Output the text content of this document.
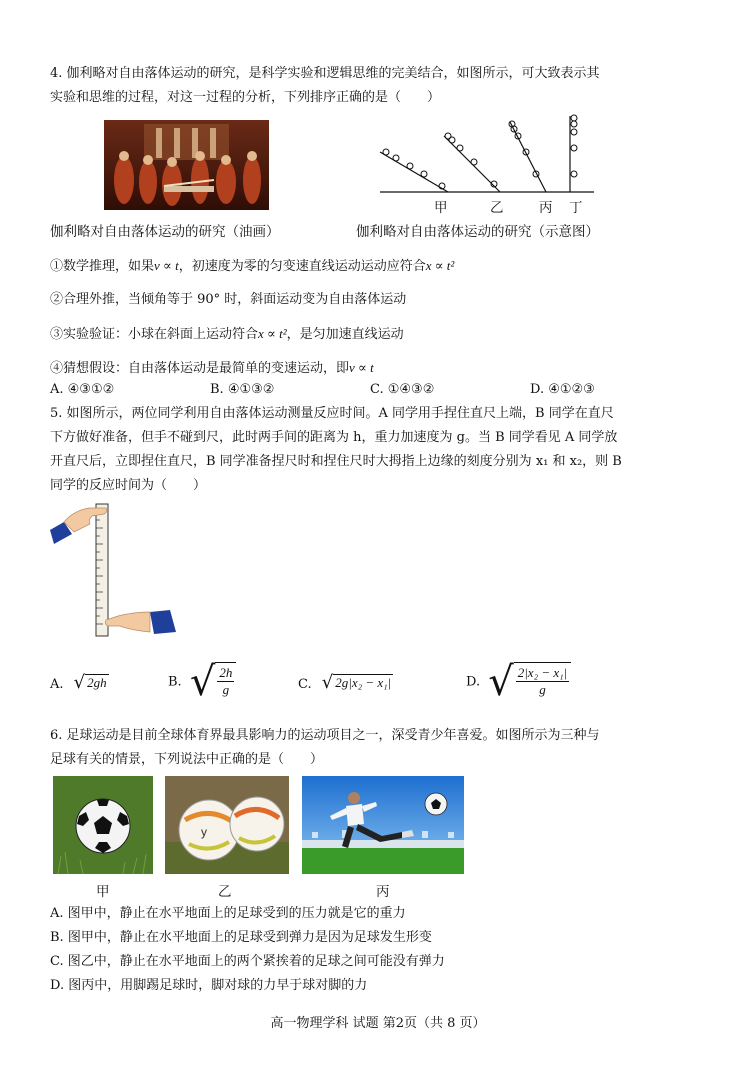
4. 伽利略对自由落体运动的研究，是科学实验和逻辑思维的完美结合，如图所示，可大致表示其
实验和思维的过程，对这一过程的分析，下列排序正确的是（　　）
甲	乙	丙 丁
伽利略对自由落体运动的研究（油画）	伽利略对自由落体运动的研究（示意图）
①数学推理，如果v ∝ t，初速度为零的匀变速直线运动运动应符合x ∝ t²
②合理外推，当倾角等于 90° 时，斜面运动变为自由落体运动
③实验验证：小球在斜面上运动符合x ∝ t²，是匀加速直线运动
④猜想假设：自由落体运动是最简单的变速运动，即v ∝ t
A. ④③①②	B. ④①③②	C. ①④③②	D. ④①②③
5. 如图所示，两位同学利用自由落体运动测量反应时间。A 同学用手捏住直尺上端，B 同学在直尺
下方做好准备，但手不碰到尺，此时两手间的距离为 h，重力加速度为 g。当 B 同学看见 A 同学放
开直尺后，立即捏住直尺，B 同学准备捏尺时和捏住尺时大拇指上边缘的刻度分别为 x₁ 和 x₂，则 B
同学的反应时间为（　　）
A. √ 2gh	B. √ $\frac{2h}{g}$	C. √ 2g|x₂ − x₁|	D. √ $\frac{\text{2|x₂ − x₁|}}{g}$
6. 足球运动是目前全球体育界最具影响力的运动项目之一，深受青少年喜爱。如图所示为三种与
足球有关的情景，下列说法中正确的是（　　）
y
甲	乙	丙
A. 图甲中，静止在水平地面上的足球受到的压力就是它的重力
B. 图甲中，静止在水平地面上的足球受到弹力是因为足球发生形变
C. 图乙中，静止在水平地面上的两个紧挨着的足球之间可能没有弹力
D. 图丙中，用脚踢足球时，脚对球的力早于球对脚的力
高一物理学科 试题 第2页（共 8 页）
